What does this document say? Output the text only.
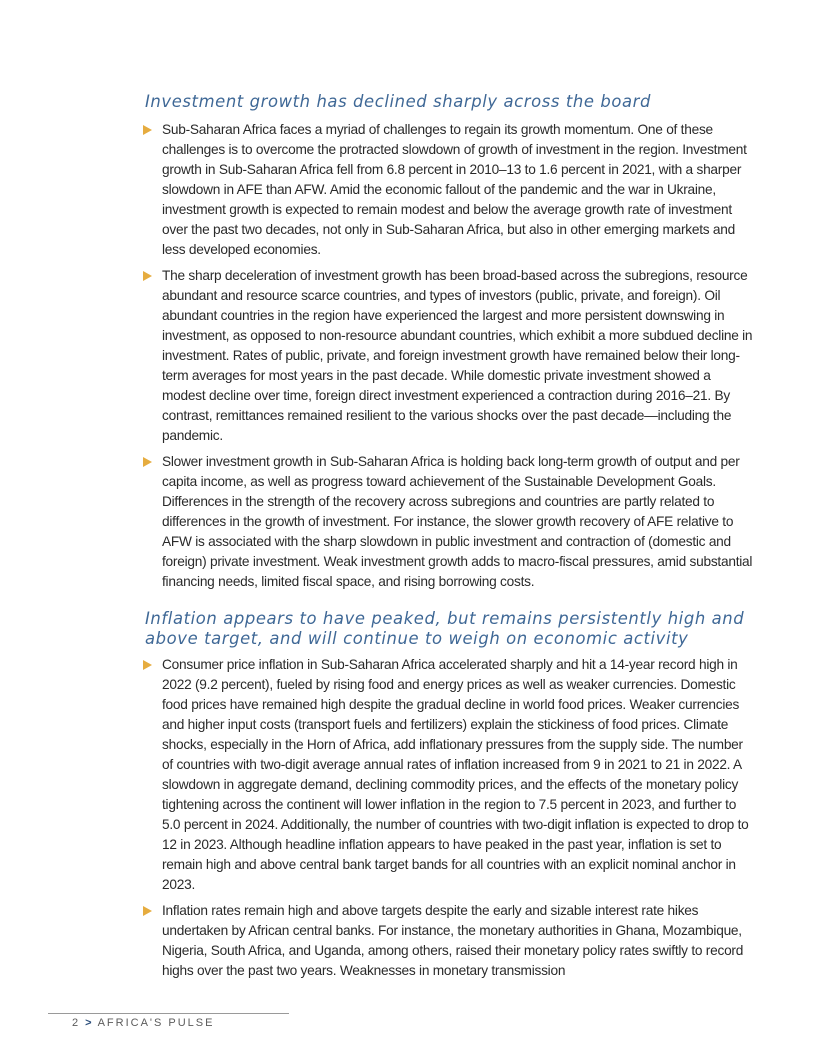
Investment growth has declined sharply across the board
Sub-Saharan Africa faces a myriad of challenges to regain its growth momentum. One of these challenges is to overcome the protracted slowdown of growth of investment in the region. Investment growth in Sub-Saharan Africa fell from 6.8 percent in 2010–13 to 1.6 percent in 2021, with a sharper slowdown in AFE than AFW. Amid the economic fallout of the pandemic and the war in Ukraine, investment growth is expected to remain modest and below the average growth rate of investment over the past two decades, not only in Sub-Saharan Africa, but also in other emerging markets and less developed economies.
The sharp deceleration of investment growth has been broad-based across the subregions, resource abundant and resource scarce countries, and types of investors (public, private, and foreign). Oil abundant countries in the region have experienced the largest and more persistent downswing in investment, as opposed to non-resource abundant countries, which exhibit a more subdued decline in investment. Rates of public, private, and foreign investment growth have remained below their long-term averages for most years in the past decade. While domestic private investment showed a modest decline over time, foreign direct investment experienced a contraction during 2016–21. By contrast, remittances remained resilient to the various shocks over the past decade—including the pandemic.
Slower investment growth in Sub-Saharan Africa is holding back long-term growth of output and per capita income, as well as progress toward achievement of the Sustainable Development Goals. Differences in the strength of the recovery across subregions and countries are partly related to differences in the growth of investment. For instance, the slower growth recovery of AFE relative to AFW is associated with the sharp slowdown in public investment and contraction of (domestic and foreign) private investment. Weak investment growth adds to macro-fiscal pressures, amid substantial financing needs, limited fiscal space, and rising borrowing costs.
Inflation appears to have peaked, but remains persistently high and above target, and will continue to weigh on economic activity
Consumer price inflation in Sub-Saharan Africa accelerated sharply and hit a 14-year record high in 2022 (9.2 percent), fueled by rising food and energy prices as well as weaker currencies. Domestic food prices have remained high despite the gradual decline in world food prices. Weaker currencies and higher input costs (transport fuels and fertilizers) explain the stickiness of food prices. Climate shocks, especially in the Horn of Africa, add inflationary pressures from the supply side. The number of countries with two-digit average annual rates of inflation increased from 9 in 2021 to 21 in 2022. A slowdown in aggregate demand, declining commodity prices, and the effects of the monetary policy tightening across the continent will lower inflation in the region to 7.5 percent in 2023, and further to 5.0 percent in 2024. Additionally, the number of countries with two-digit inflation is expected to drop to 12 in 2023. Although headline inflation appears to have peaked in the past year, inflation is set to remain high and above central bank target bands for all countries with an explicit nominal anchor in 2023.
Inflation rates remain high and above targets despite the early and sizable interest rate hikes undertaken by African central banks. For instance, the monetary authorities in Ghana, Mozambique, Nigeria, South Africa, and Uganda, among others, raised their monetary policy rates swiftly to record highs over the past two years. Weaknesses in monetary transmission
2 > AFRICA'S PULSE
